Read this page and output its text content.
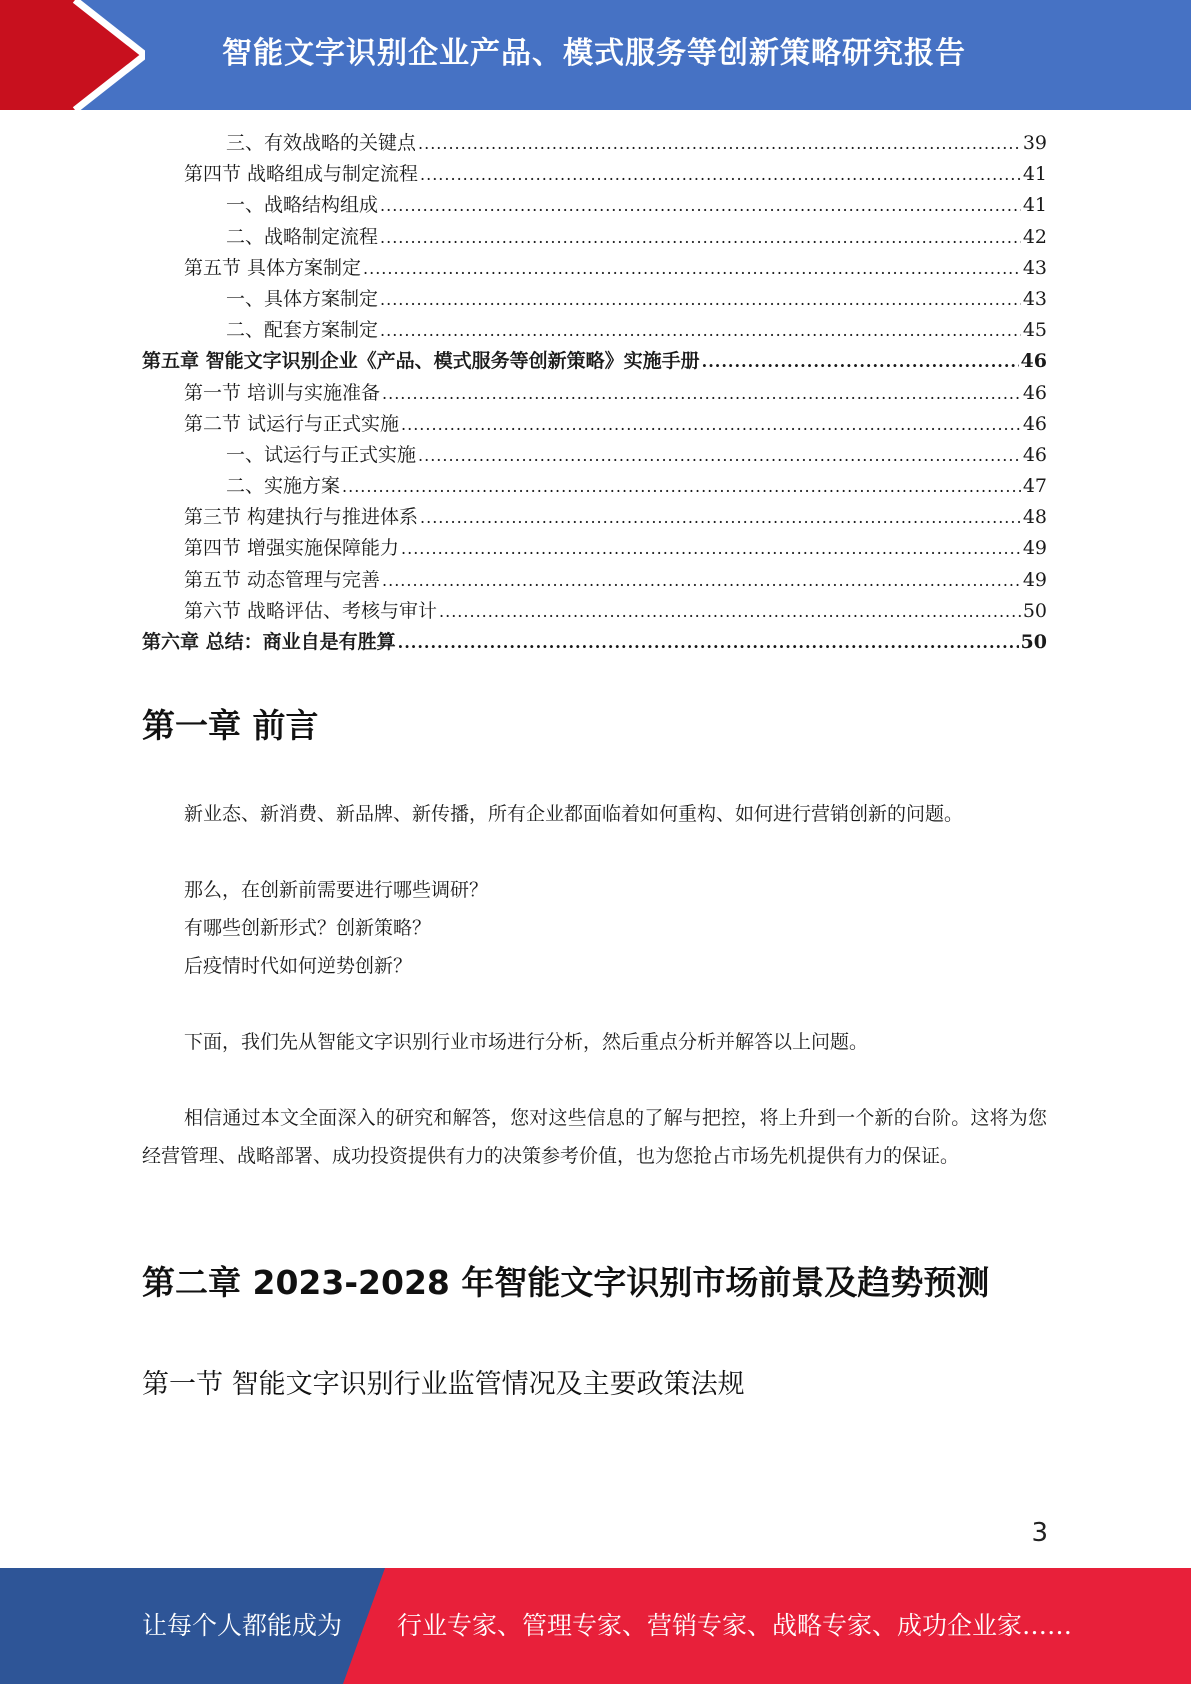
智能文字识别企业产品、模式服务等创新策略研究报告
三、有效战略的关键点 .....	39
第四节 战略组成与制定流程 .....	41
一、战略结构组成 .....	41
二、战略制定流程 .....	42
第五节 具体方案制定 .....	43
一、具体方案制定 .....	43
二、配套方案制定 .....	45
第五章 智能文字识别企业《产品、模式服务等创新策略》实施手册 .....	46
第一节 培训与实施准备 .....	46
第二节 试运行与正式实施 .....	46
一、试运行与正式实施 .....	46
二、实施方案 .....	47
第三节 构建执行与推进体系 .....	48
第四节 增强实施保障能力 .....	49
第五节 动态管理与完善 .....	49
第六节 战略评估、考核与审计 .....	50
第六章 总结：商业自是有胜算 .....	50
第一章 前言
新业态、新消费、新品牌、新传播，所有企业都面临着如何重构、如何进行营销创新的问题。
那么，在创新前需要进行哪些调研？
有哪些创新形式？创新策略？
后疫情时代如何逆势创新？
下面，我们先从智能文字识别行业市场进行分析，然后重点分析并解答以上问题。
相信通过本文全面深入的研究和解答，您对这些信息的了解与把控，将上升到一个新的台阶。这将为您经营管理、战略部署、成功投资提供有力的决策参考价值，也为您抢占市场先机提供有力的保证。
第二章 2023-2028 年智能文字识别市场前景及趋势预测
第一节 智能文字识别行业监管情况及主要政策法规
3
让每个人都能成为 行业专家、管理专家、营销专家、战略专家、成功企业家……
